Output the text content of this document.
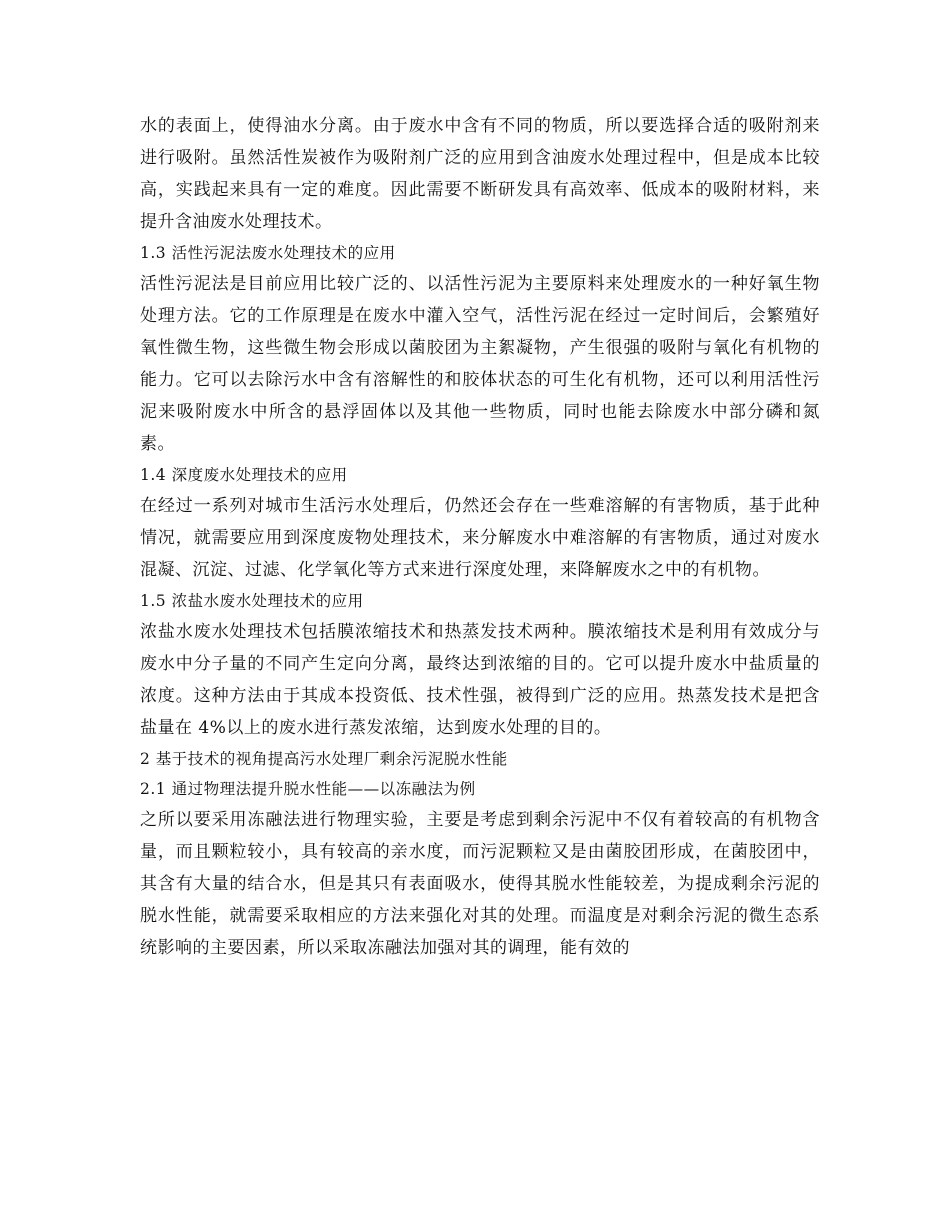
水的表面上，使得油水分离。由于废水中含有不同的物质，所以要选择合适的吸附剂来进行吸附。虽然活性炭被作为吸附剂广泛的应用到含油废水处理过程中，但是成本比较高，实践起来具有一定的难度。因此需要不断研发具有高效率、低成本的吸附材料，来提升含油废水处理技术。

1.3 活性污泥法废水处理技术的应用

活性污泥法是目前应用比较广泛的、以活性污泥为主要原料来处理废水的一种好氧生物处理方法。它的工作原理是在废水中灌入空气，活性污泥在经过一定时间后，会繁殖好氧性微生物，这些微生物会形成以菌胶团为主絮凝物，产生很强的吸附与氧化有机物的能力。它可以去除污水中含有溶解性的和胶体状态的可生化有机物，还可以利用活性污泥来吸附废水中所含的悬浮固体以及其他一些物质，同时也能去除废水中部分磷和氮素。

1.4 深度废水处理技术的应用

在经过一系列对城市生活污水处理后，仍然还会存在一些难溶解的有害物质，基于此种情况，就需要应用到深度废物处理技术，来分解废水中难溶解的有害物质，通过对废水混凝、沉淀、过滤、化学氧化等方式来进行深度处理，来降解废水之中的有机物。

1.5 浓盐水废水处理技术的应用

浓盐水废水处理技术包括膜浓缩技术和热蒸发技术两种。膜浓缩技术是利用有效成分与废水中分子量的不同产生定向分离，最终达到浓缩的目的。它可以提升废水中盐质量的浓度。这种方法由于其成本投资低、技术性强，被得到广泛的应用。热蒸发技术是把含盐量在 4%以上的废水进行蒸发浓缩，达到废水处理的目的。

2 基于技术的视角提高污水处理厂剩余污泥脱水性能

2.1 通过物理法提升脱水性能——以冻融法为例

之所以要采用冻融法进行物理实验，主要是考虑到剩余污泥中不仅有着较高的有机物含量，而且颗粒较小，具有较高的亲水度，而污泥颗粒又是由菌胶团形成，在菌胶团中，其含有大量的结合水，但是其只有表面吸水，使得其脱水性能较差，为提成剩余污泥的脱水性能，就需要采取相应的方法来强化对其的处理。而温度是对剩余污泥的微生态系统影响的主要因素，所以采取冻融法加强对其的调理，能有效的
